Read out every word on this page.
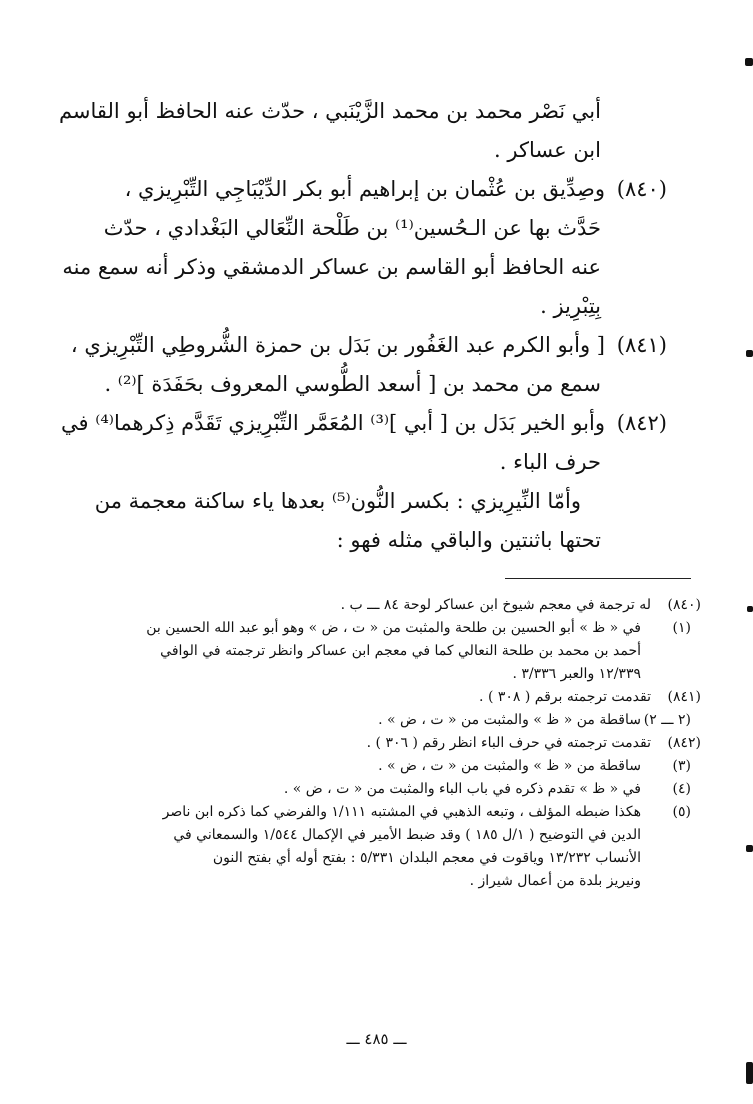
أبي نَصْر محمد بن محمد الزَّيْنَبي ، حدّث عنه الحافظ أبو القاسم
ابن عساكر .
(٨٤٠)وصِدِّيق بن عُثْمان بن إبراهيم أبو بكر الدِّيْبَاجِي التِّبْرِيزي ،
حَدَّث بها عن الـحُسين⁽¹⁾ بن طَلْحة النِّعَالي البَغْدادي ، حدّث
عنه الحافظ أبو القاسم بن عساكر الدمشقي وذكر أنه سمع منه
بِتِبْرِيز .
(٨٤١)[ وأبو الكرم عبد الغَفُور بن بَدَل بن حمزة الشُّروطِي التِّبْرِيزي ،
سمع من محمد بن [ أسعد الطُّوسي المعروف بحَفَدَة ]⁽²⁾ .
(٨٤٢)وأبو الخير بَدَل بن [ أبي ]⁽³⁾ المُعَمَّر التِّبْرِيزي تَقَدَّم ذِكرهما⁽⁴⁾ في
حرف الباء .
وأمّا النِّيرِيزي : بكسر النُّون⁽⁵⁾ بعدها ياء ساكنة معجمة من
تحتها باثنتين والباقي مثله فهو :
(٨٤٠)له ترجمة في معجم شيوخ ابن عساكر لوحة ٨٤ ـــ ب .
(١)في « ظ » أبو الحسين بن طلحة والمثبت من « ت ، ض » وهو أبو عبد الله الحسين بن
أحمد بن محمد بن طلحة النعالي كما في معجم ابن عساكر وانظر ترجمته في الوافي
١٢/٣٣٩ والعبر ٣/٣٣٦ .
(٨٤١)تقدمت ترجمته برقم ( ٣٠٨ ) .
(٢ ـــ ٢)ساقطة من « ظ » والمثبت من « ت ، ض » .
(٨٤٢)تقدمت ترجمته في حرف الباء انظر رقم ( ٣٠٦ ) .
(٣)ساقطة من « ظ » والمثبت من « ت ، ض » .
(٤)في « ظ » تقدم ذكره في باب الباء والمثبت من « ت ، ض » .
(٥)هكذا ضبطه المؤلف ، وتبعه الذهبي في المشتبه ١/١١١ والفرضي كما ذكره ابن ناصر
الدين في التوضيح ( ١/ل ١٨٥ ) وقد ضبط الأمير في الإكمال ١/٥٤٤ والسمعاني في
الأنساب ١٣/٢٣٢ وياقوت في معجم البلدان ٥/٣٣١ : بفتح أوله أي بفتح النون
ونيريز بلدة من أعمال شيراز .
ـــ ٤٨٥ ـــ
